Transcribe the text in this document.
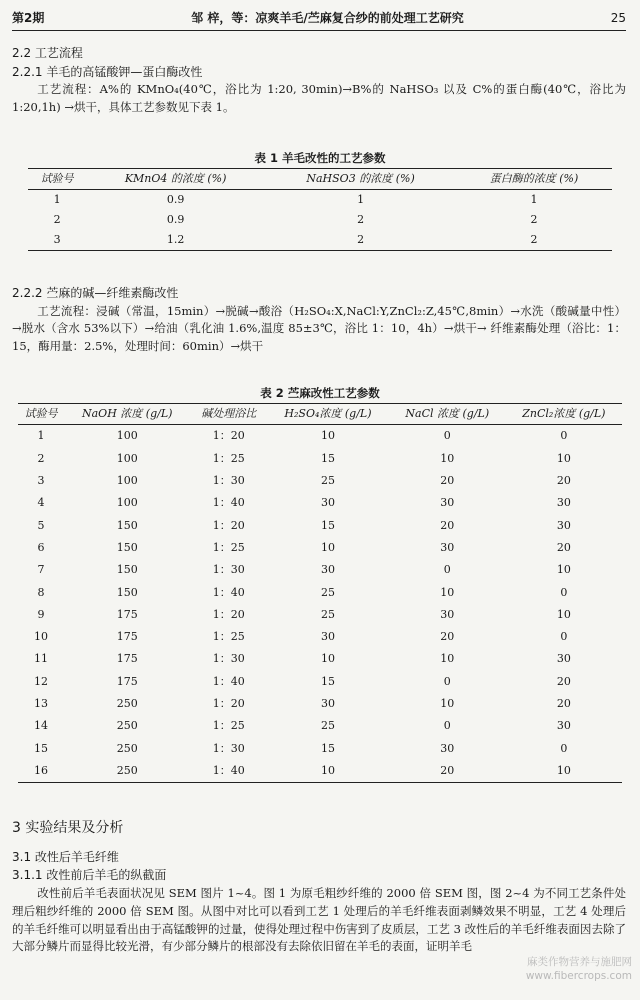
第2期	邹 梓，等：凉爽羊毛/苎麻复合纱的前处理工艺研究	25
2.2 工艺流程
2.2.1 羊毛的高锰酸钾—蛋白酶改性

工艺流程：A%的 KMnO₄(40℃，浴比为 1:20, 30min)→B%的 NaHSO₃ 以及 C%的蛋白酶(40℃，浴比为 1:20,1h) →烘干，具体工艺参数见下表 1。

表 1 羊毛改性的工艺参数
试验号	KMnO4 的浓度 (%)	NaHSO3 的浓度 (%)	蛋白酶的浓度 (%)
1	0.9	1	1
2	0.9	2	2
3	1.2	2	2
2.2.2 苎麻的碱—纤维素酶改性

工艺流程：浸碱（常温，15min）→脱碱→酸浴（H₂SO₄:X,NaCl:Y,ZnCl₂:Z,45℃,8min）→水洗（酸碱量中性）→脱水（含水 53%以下）→给油（乳化油 1.6%,温度 85±3℃，浴比 1：10，4h）→烘干→ 纤维素酶处理（浴比：1：15，酶用量：2.5%，处理时间：60min）→烘干

表 2 苎麻改性工艺参数
试验号	NaOH 浓度 (g/L)	碱处理浴比	H₂SO₄浓度 (g/L)	NaCl 浓度 (g/L)	ZnCl₂浓度 (g/L)
1	100	1：20	10	0	0
2	100	1：25	15	10	10
3	100	1：30	25	20	20
4	100	1：40	30	30	30
5	150	1：20	15	20	30
6	150	1：25	10	30	20
7	150	1：30	30	0	10
8	150	1：40	25	10	0
9	175	1：20	25	30	10
10	175	1：25	30	20	0
11	175	1：30	10	10	30
12	175	1：40	15	0	20
13	250	1：20	30	10	20
14	250	1：25	25	0	30
15	250	1：30	15	30	0
16	250	1：40	10	20	10
3 实验结果及分析
3.1 改性后羊毛纤维
3.1.1 改性前后羊毛的纵截面

改性前后羊毛表面状况见 SEM 图片 1~4。图 1 为原毛粗纱纤维的 2000 倍 SEM 图，图 2~4 为不同工艺条件处理后粗纱纤维的 2000 倍 SEM 图。从图中对比可以看到工艺 1 处理后的羊毛纤维表面剥鳞效果不明显，工艺 4 处理后的羊毛纤维可以明显看出由于高锰酸钾的过量，使得处理过程中伤害到了皮质层，工艺 3 改性后的羊毛纤维表面因去除了大部分鳞片而显得比较光滑，有少部分鳞片的根部没有去除依旧留在羊毛的表面，证明羊毛

麻类作物营养与施肥网
www.fibercrops.com
